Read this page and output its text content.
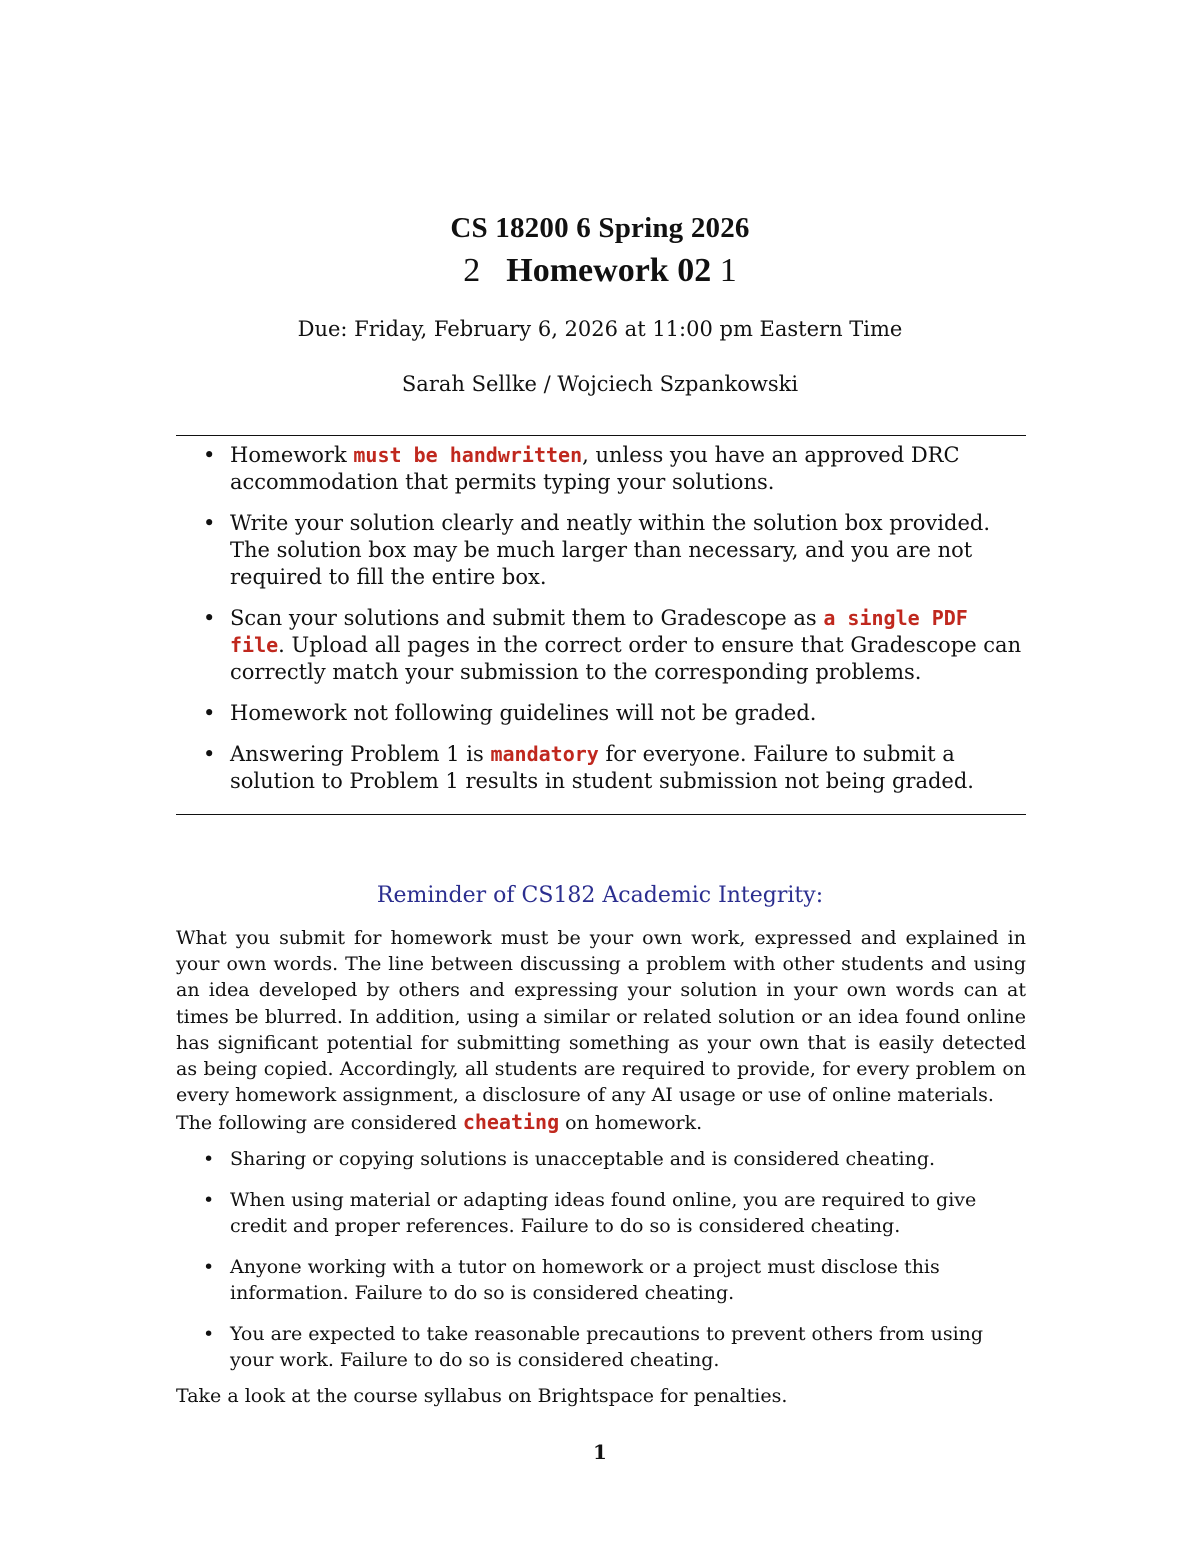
CS 18200 6 Spring 2026
2 Homework 02 1
Due: Friday, February 6, 2026 at 11:00 pm Eastern Time
Sarah Sellke / Wojciech Szpankowski
• Homework must be handwritten, unless you have an approved DRC accommodation that permits typing your solutions.
• Write your solution clearly and neatly within the solution box provided. The solution box may be much larger than necessary, and you are not required to fill the entire box.
• Scan your solutions and submit them to Gradescope as a single PDF file. Upload all pages in the correct order to ensure that Gradescope can correctly match your submission to the corresponding problems.
• Homework not following guidelines will not be graded.
• Answering Problem 1 is mandatory for everyone. Failure to submit a solution to Problem 1 results in student submission not being graded.
Reminder of CS182 Academic Integrity:

What you submit for homework must be your own work, expressed and explained in your own words. The line between discussing a problem with other students and using an idea developed by others and expressing your solution in your own words can at times be blurred. In addition, using a similar or related solution or an idea found online has significant potential for submitting something as your own that is easily detected as being copied. Accordingly, all students are required to provide, for every problem on every homework assignment, a disclosure of any AI usage or use of online materials.

The following are considered cheating on homework.

• Sharing or copying solutions is unacceptable and is considered cheating.
• When using material or adapting ideas found online, you are required to give credit and proper references. Failure to do so is considered cheating.
• Anyone working with a tutor on homework or a project must disclose this information. Failure to do so is considered cheating.
• You are expected to take reasonable precautions to prevent others from using your work. Failure to do so is considered cheating.

Take a look at the course syllabus on Brightspace for penalties.

1
